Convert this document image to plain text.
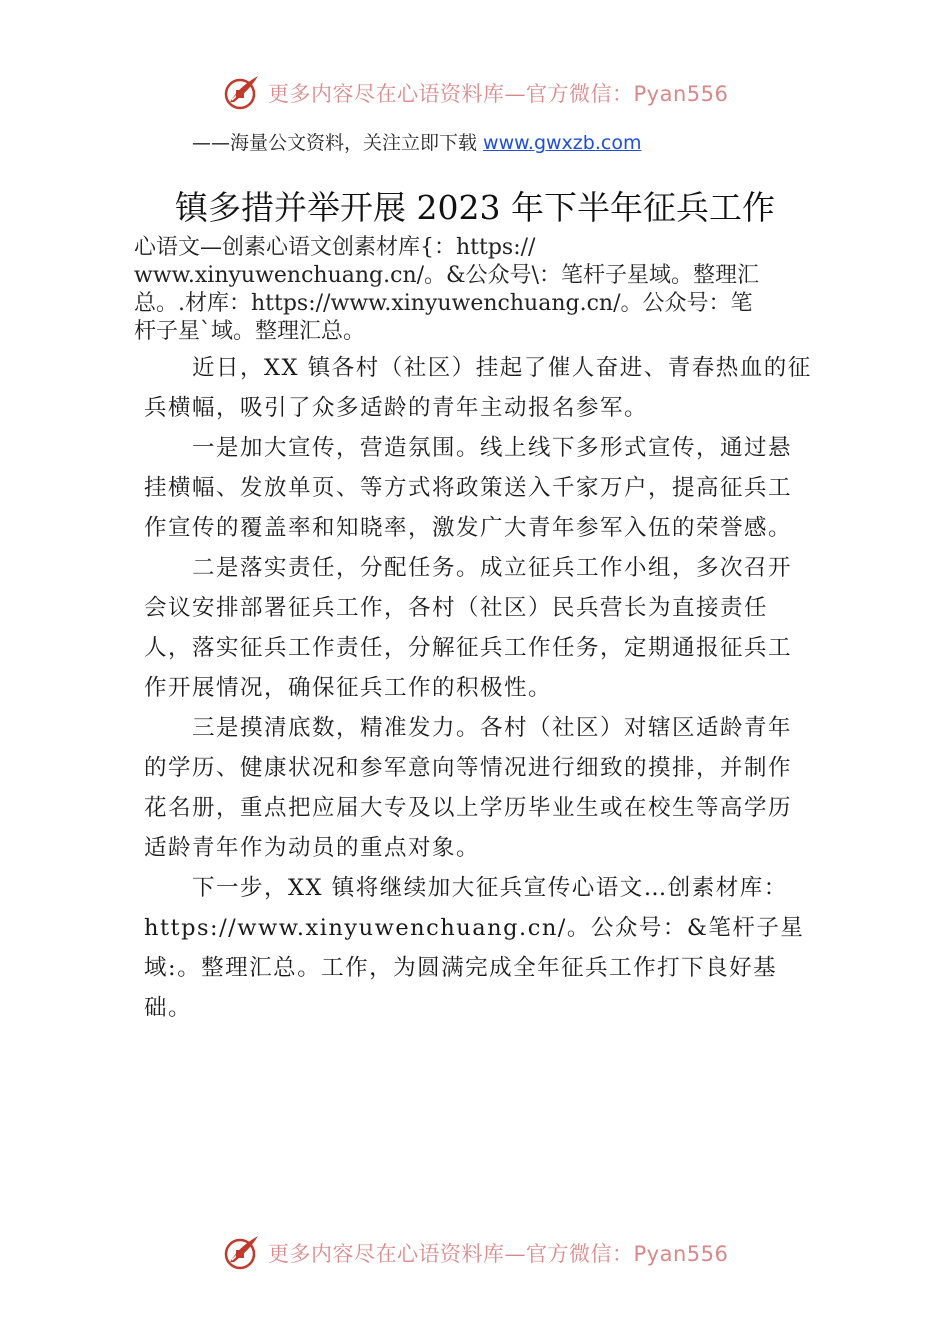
更多内容尽在心语资料库—官方微信：Pyan556
——海量公文资料，关注立即下载 www.gwxzb.com
镇多措并举开展 2023 年下半年征兵工作
心语文—创素心语文创素材库{：https://
www.xinyuwenchuang.cn/。&公众号\：笔杆子星域。整理汇
总。.材库：https://www.xinyuwenchuang.cn/。公众号：笔
杆子星`域。整理汇总。

近日，XX 镇各村（社区）挂起了催人奋进、青春热血的征兵横幅，吸引了众多适龄的青年主动报名参军。

一是加大宣传，营造氛围。线上线下多形式宣传，通过悬挂横幅、发放单页、等方式将政策送入千家万户，提高征兵工作宣传的覆盖率和知晓率，激发广大青年参军入伍的荣誉感。

二是落实责任，分配任务。成立征兵工作小组，多次召开会议安排部署征兵工作，各村（社区）民兵营长为直接责任人，落实征兵工作责任，分解征兵工作任务，定期通报征兵工作开展情况，确保征兵工作的积极性。

三是摸清底数，精准发力。各村（社区）对辖区适龄青年的学历、健康状况和参军意向等情况进行细致的摸排，并制作花名册，重点把应届大专及以上学历毕业生或在校生等高学历适龄青年作为动员的重点对象。

下一步，XX 镇将继续加大征兵宣传心语文…创素材库：https://www.xinyuwenchuang.cn/。公众号：&笔杆子星域:。整理汇总。工作，为圆满完成全年征兵工作打下良好基础。

更多内容尽在心语资料库—官方微信：Pyan556
